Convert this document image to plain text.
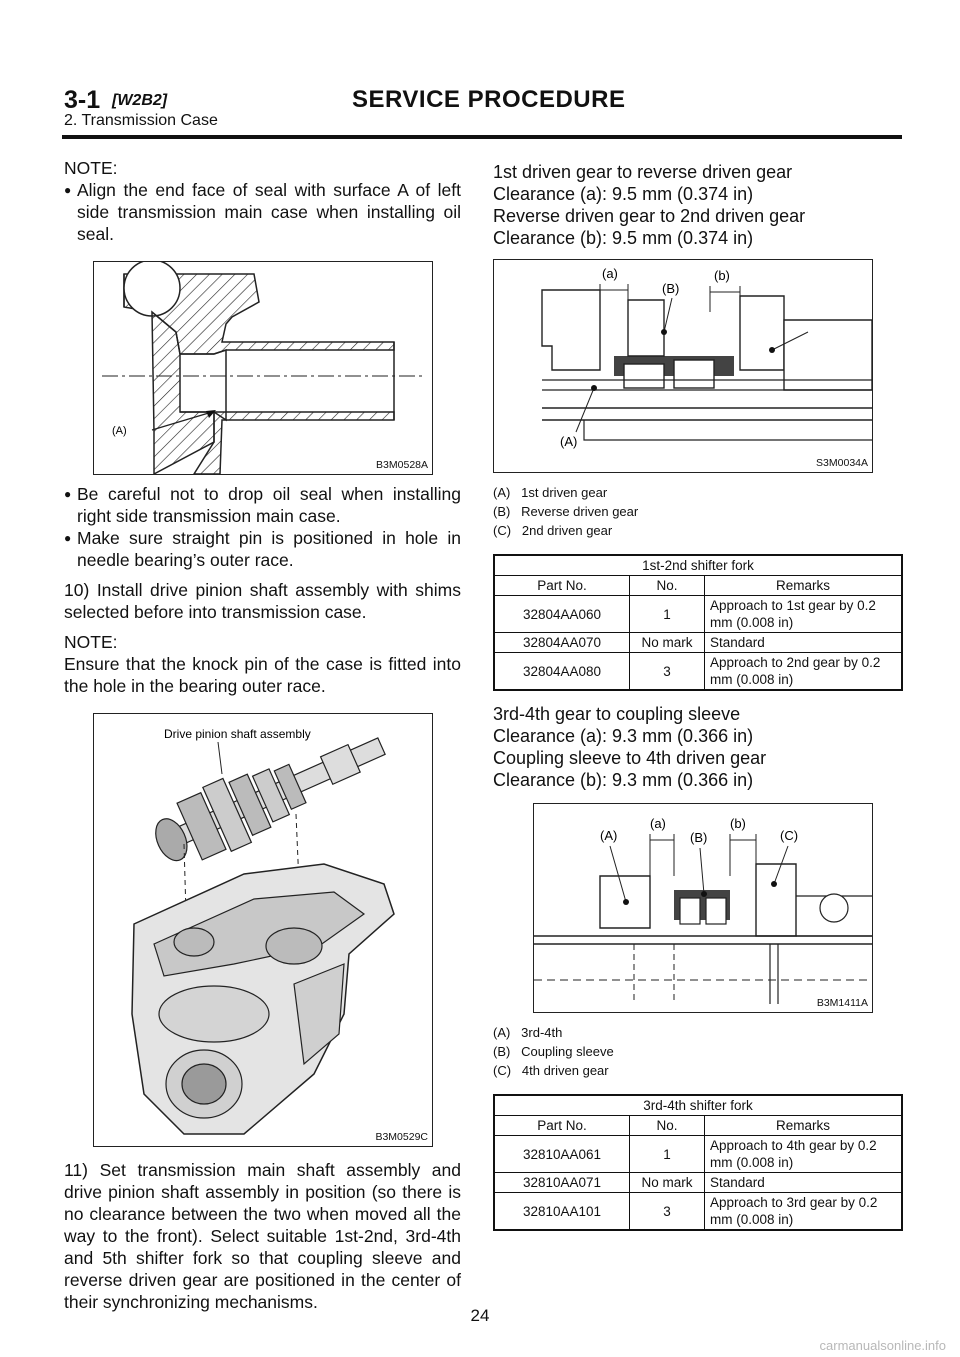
3-1 [W2B2]	SERVICE PROCEDURE
2. Transmission Case

NOTE:

● Align the end face of seal with surface A of left side transmission main case when installing oil seal.

(A)
B3M0528A

● Be careful not to drop oil seal when installing right side transmission main case.

● Make sure straight pin is positioned in hole in needle bearing’s outer race.

10) Install drive pinion shaft assembly with shims selected before into transmission case.

NOTE:

Ensure that the knock pin of the case is fitted into the hole in the bearing outer race.

Drive pinion shaft assembly
B3M0529C

11) Set transmission main shaft assembly and drive pinion shaft assembly in position (so there is no clearance between the two when moved all the way to the front). Select suitable 1st-2nd, 3rd-4th and 5th shifter fork so that coupling sleeve and reverse driven gear are positioned in the center of their synchronizing mechanisms.

1st driven gear to reverse driven gear

Clearance (a): 9.5 mm (0.374 in)

Reverse driven gear to 2nd driven gear

Clearance (b): 9.5 mm (0.374 in)

(a)
(B)
(b)
(A)
S3M0034A
(A)   1st driven gear
(B)   Reverse driven gear
(C)   2nd driven gear
1st-2nd shifter fork		
Part No.	No.	Remarks
32804AA060	1	Approach to 1st gear by 0.2 mm (0.008 in)
32804AA070	No mark	Standard
32804AA080	3	Approach to 2nd gear by 0.2 mm (0.008 in)

3rd-4th gear to coupling sleeve

Clearance (a): 9.3 mm (0.366 in)

Coupling sleeve to 4th driven gear

Clearance (b): 9.3 mm (0.366 in)

(A)
(a)
(B)
(b)
(C)
B3M1411A
(A)   3rd-4th
(B)   Coupling sleeve
(C)   4th driven gear
3rd-4th shifter fork		
Part No.	No.	Remarks
32810AA061	1	Approach to 4th gear by 0.2 mm (0.008 in)
32810AA071	No mark	Standard
32810AA101	3	Approach to 3rd gear by 0.2 mm (0.008 in)
24
carmanualsonline.info
